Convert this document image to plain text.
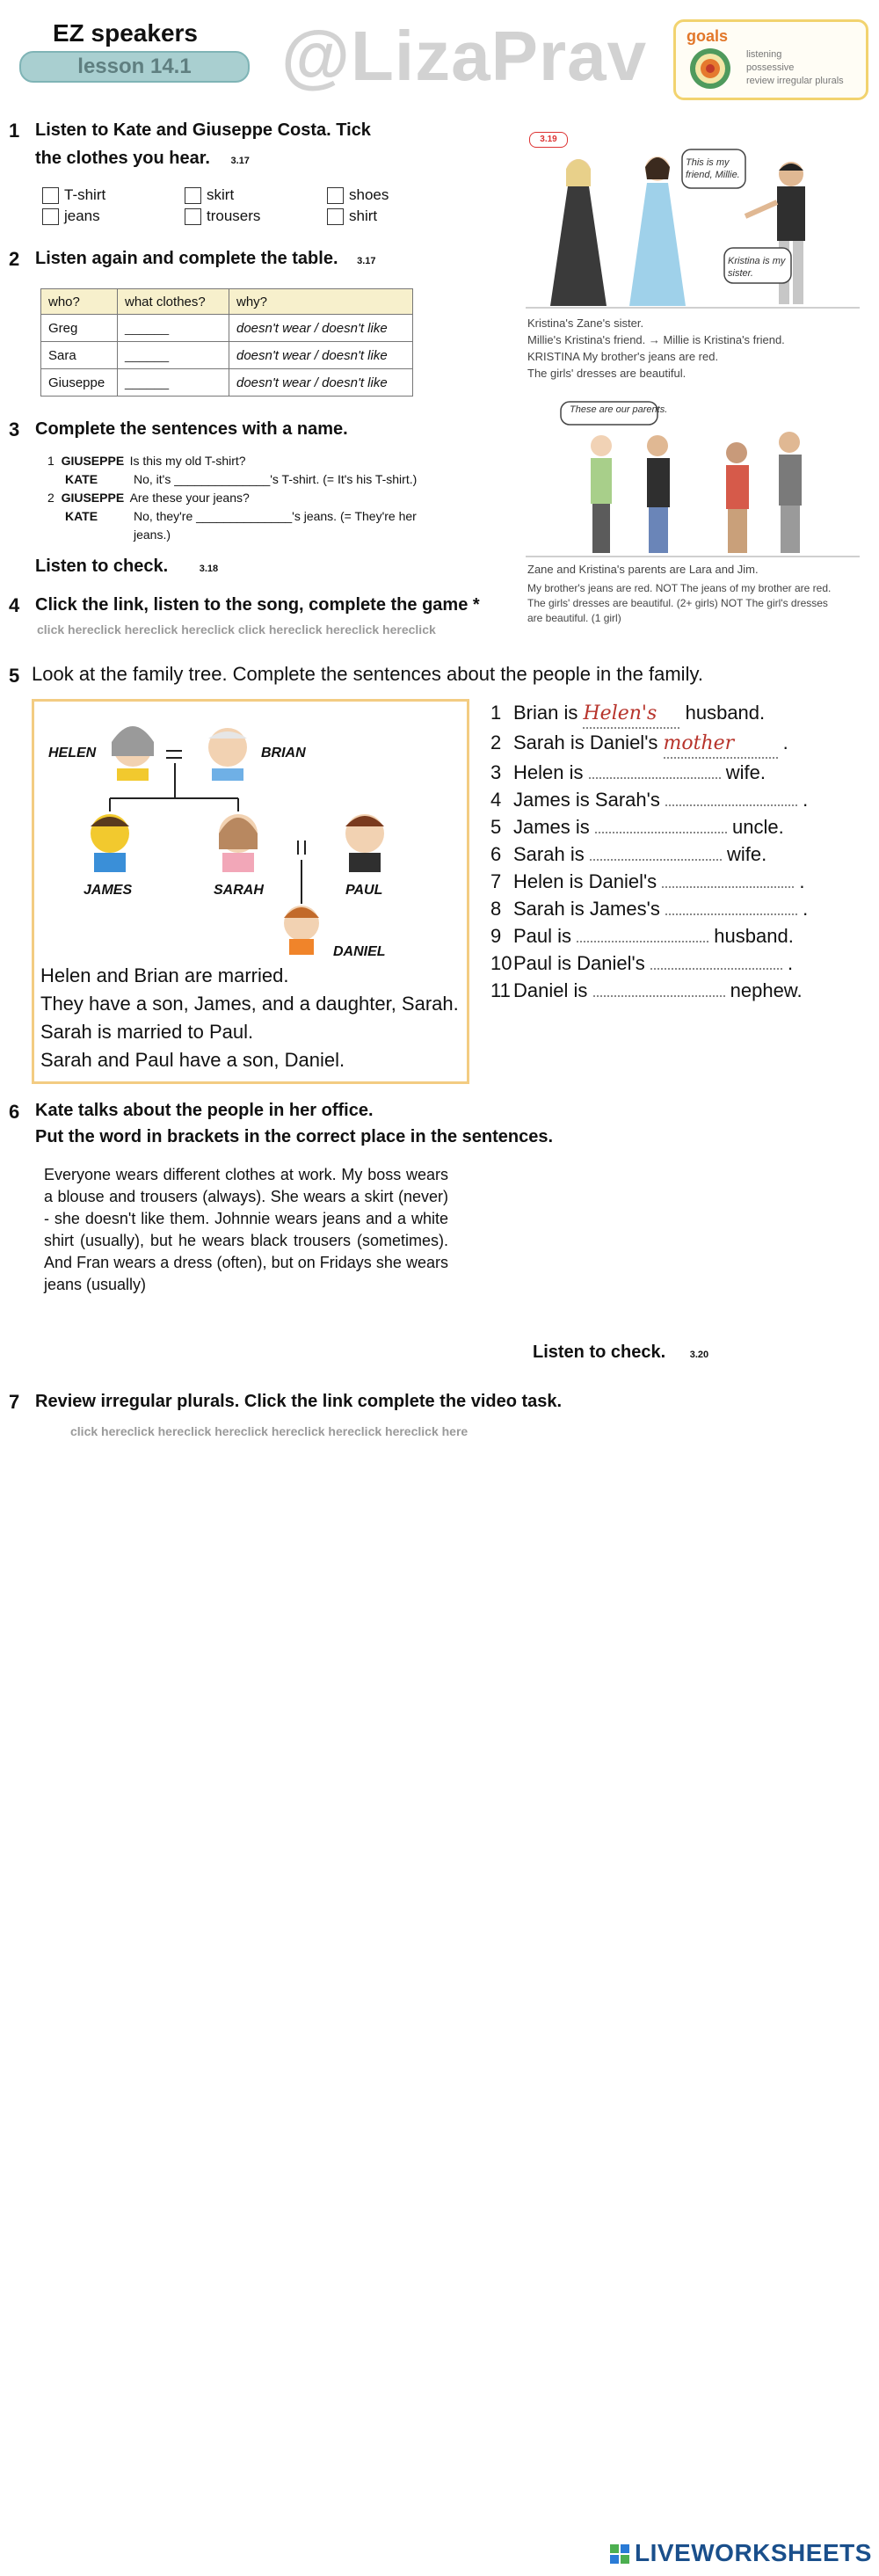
EZ speakers
lesson 14.1	@LizaPrav goals
listening
possessive
review irregular plurals
1 Listen to Kate and Giuseppe Costa. Tick
the clothes you hear. 3.17
T-shirt	skirt	shoes
jeans	trousers	shirt
2 Listen again and complete the table. 3.17
who?	what clothes?	why?
Greg	______	doesn't wear / doesn't like
Sara	______	doesn't wear / doesn't like
Giuseppe	______	doesn't wear / doesn't like
3 Complete the sentences with a name.
1 GIUSEPPE Is this my old T-shirt?
KATE	No, it's ______________'s T-shirt. (= It's his T-shirt.)
2 GIUSEPPE Are these your jeans?
KATE	No, they're ______________'s jeans. (= They're her
jeans.)
Listen to check.	3.18
4 Click the link, listen to the song, complete the game *
click hereclick hereclick hereclick click hereclick hereclick hereclick
3.19
This is my friend, Millie.
Kristina is my sister.
Kristina's Zane's sister.
Millie's Kristina's friend. → Millie is Kristina's friend.
KRISTINA My brother's jeans are red.
The girls' dresses are beautiful.
These are our parents.
Zane and Kristina's parents are Lara and Jim.
My brother's jeans are red. NOT The jeans of my brother are red.
The girls' dresses are beautiful. (2+ girls) NOT The girl's dresses
are beautiful. (1 girl)
5 Look at the family tree. Complete the sentences about the people in the family.
HELEN	BRIAN
JAMES	SARAH	PAUL
DANIEL
Helen and Brian are married.
They have a son, James, and a daughter, Sarah.
Sarah is married to Paul.
Sarah and Paul have a son, Daniel.
1 Brian is Helen's husband.
2 Sarah is Daniel's mother	.
3 Helen is	wife.
4 James is Sarah's	.
5 James is	uncle.
6 Sarah is	wife.
7 Helen is Daniel's	.
8 Sarah is James's	.
9 Paul is	husband.
10Paul is Daniel's	.
11 Daniel is	nephew.
6 Kate talks about the people in her office.
Put the word in brackets in the correct place in the sentences.
Everyone wears different clothes at work. My boss wears a blouse and trousers (always). She wears a skirt (never) - she doesn't like them. Johnnie wears jeans and a white shirt (usually), but he wears black trousers (sometimes). And Fran wears a dress (often), but on Fridays she wears jeans (usually)
Listen to check.	3.20
7 Review irregular plurals. Click the link complete the video task.
click hereclick hereclick hereclick hereclick hereclick hereclick here
LIVEWORKSHEETS
